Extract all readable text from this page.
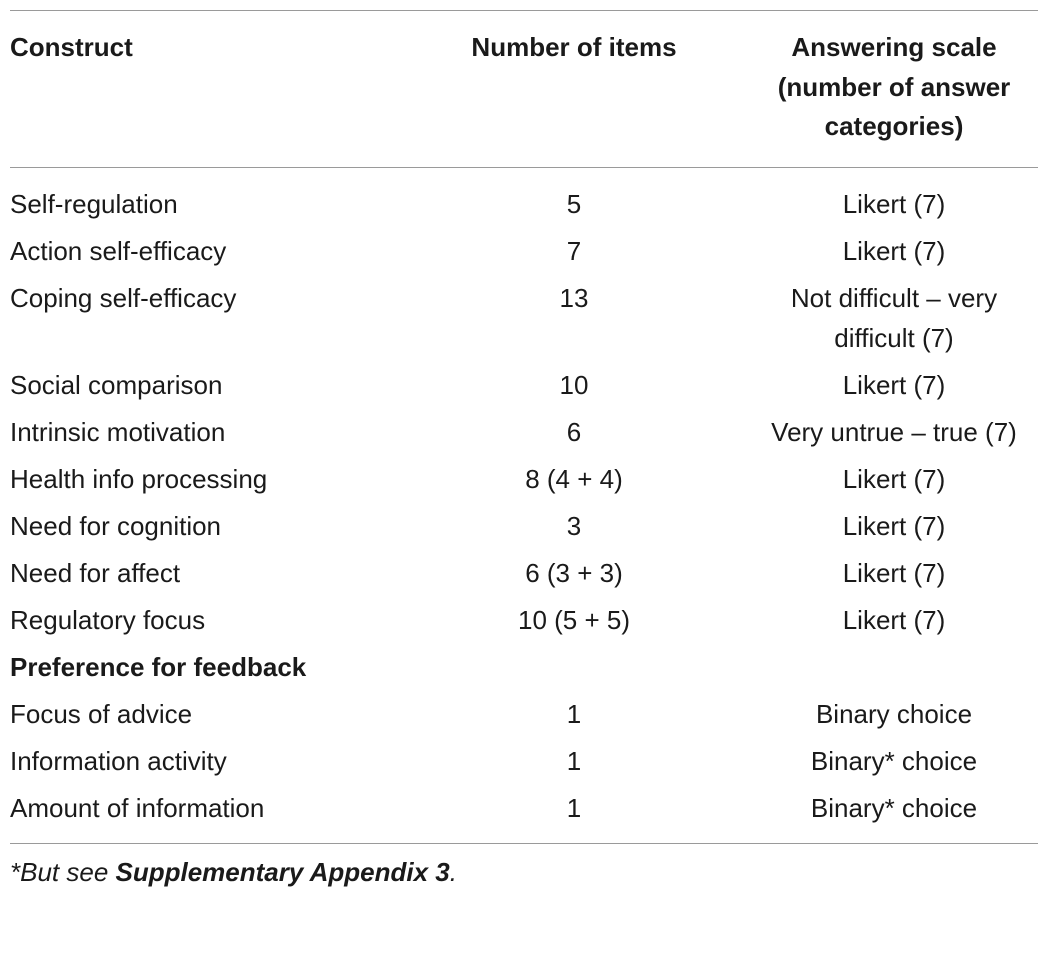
Construct	Number of items	Answering scale (number of answer categories)
Self-regulation	5	Likert (7)
Action self-efficacy	7	Likert (7)
Coping self-efficacy	13	Not difficult – very difficult (7)
Social comparison	10	Likert (7)
Intrinsic motivation	6	Very untrue – true (7)
Health info processing	8 (4 + 4)	Likert (7)
Need for cognition	3	Likert (7)
Need for affect	6 (3 + 3)	Likert (7)
Regulatory focus	10 (5 + 5)	Likert (7)
Preference for feedback		
Focus of advice	1	Binary choice
Information activity	1	Binary* choice
Amount of information	1	Binary* choice
*But see Supplementary Appendix 3.
